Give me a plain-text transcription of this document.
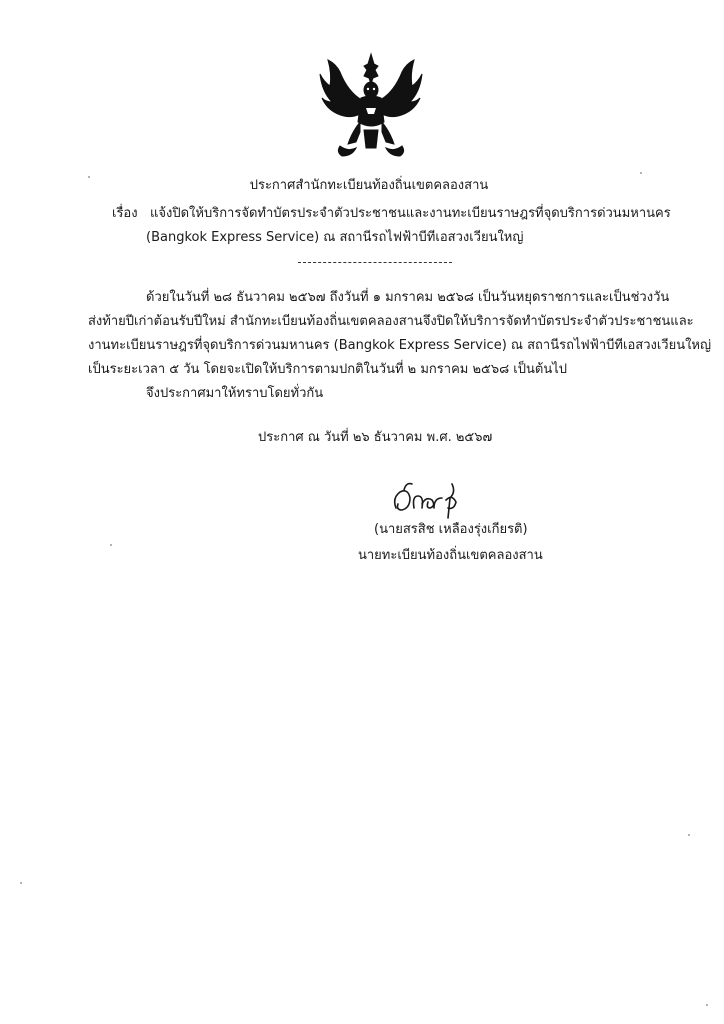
ประกาศสำนักทะเบียนท้องถิ่นเขตคลองสาน
เรื่อง แจ้งปิดให้บริการจัดทำบัตรประจำตัวประชาชนและงานทะเบียนราษฎรที่จุดบริการด่วนมหานคร
(Bangkok Express Service) ณ สถานีรถไฟฟ้าบีทีเอสวงเวียนใหญ่
ด้วยในวันที่ ๒๘ ธันวาคม ๒๕๖๗ ถึงวันที่ ๑ มกราคม ๒๕๖๘ เป็นวันหยุดราชการและเป็นช่วงวัน
ส่งท้ายปีเก่าต้อนรับปีใหม่ สำนักทะเบียนท้องถิ่นเขตคลองสานจึงปิดให้บริการจัดทำบัตรประจำตัวประชาชนและ
งานทะเบียนราษฎรที่จุดบริการด่วนมหานคร (Bangkok Express Service) ณ สถานีรถไฟฟ้าบีทีเอสวงเวียนใหญ่
เป็นระยะเวลา ๕ วัน โดยจะเปิดให้บริการตามปกติในวันที่ ๒ มกราคม ๒๕๖๘ เป็นต้นไป
จึงประกาศมาให้ทราบโดยทั่วกัน
ประกาศ ณ วันที่ ๒๖ ธันวาคม พ.ศ. ๒๕๖๗
(นายสรสิช เหลืองรุ่งเกียรติ)
นายทะเบียนท้องถิ่นเขตคลองสาน
